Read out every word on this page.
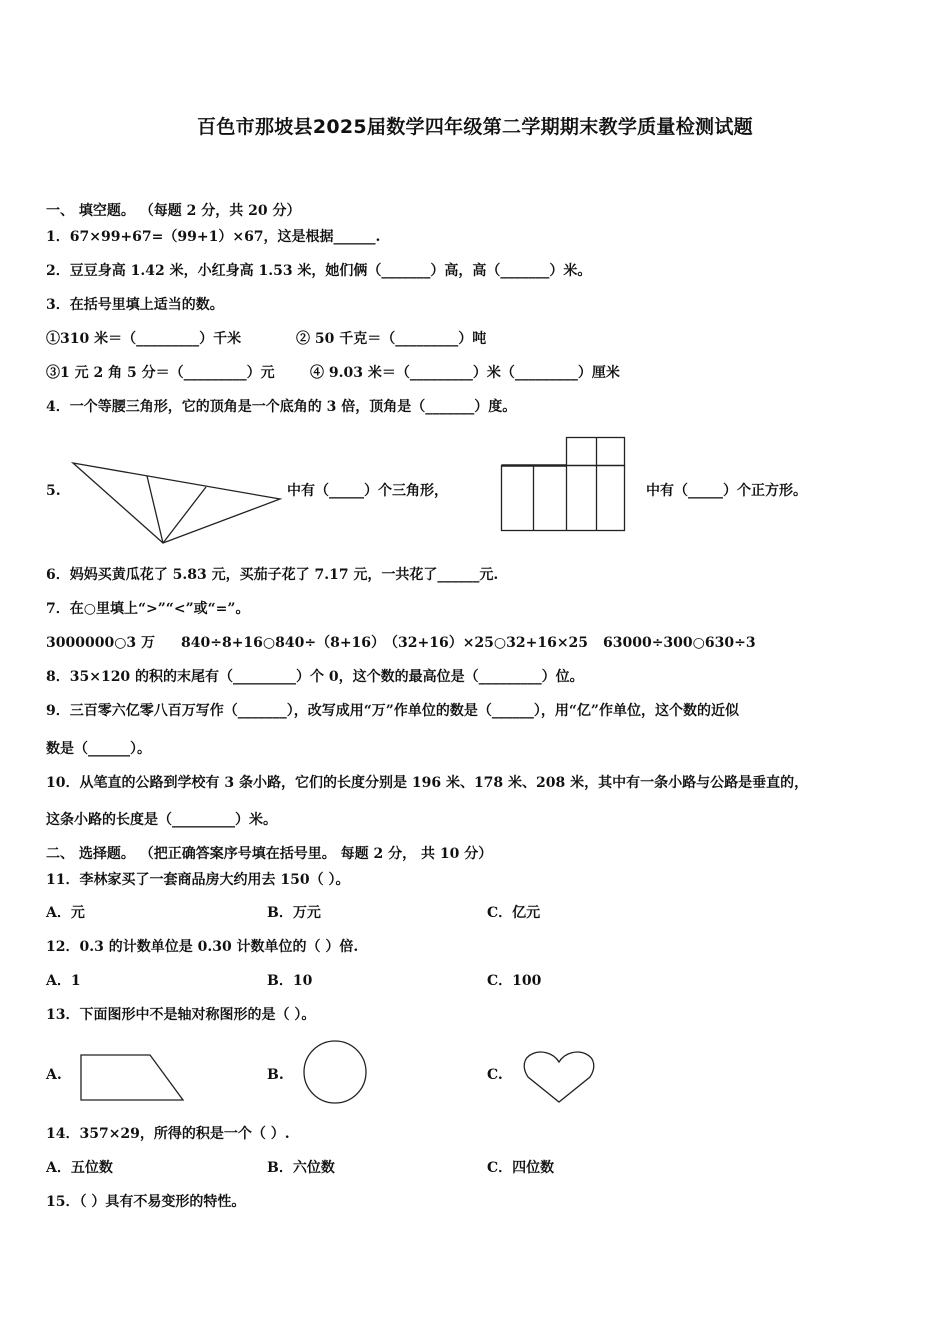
百色市那坡县2025届数学四年级第二学期期末教学质量检测试题
一、 填空题。 （每题 2 分，共 20 分）
1．67×99+67=（99+1）×67，这是根据______.
2．豆豆身高 1.42 米，小红身高 1.53 米，她们俩（_______）高，高（_______）米。
3．在括号里填上适当的数。
①310 米＝（_________）千米	② 50 千克＝（_________）吨
③1 元 2 角 5 分＝（_________）元	④ 9.03 米＝（_________）米（_________）厘米
4．一个等腰三角形，它的顶角是一个底角的 3 倍，顶角是（_______）度。
5.	中有（_____）个三角形，	中有（_____）个正方形。
6．妈妈买黄瓜花了 5.83 元，买茄子花了 7.17 元，一共花了______元.
7．在○里填上“>”“<”或“=”。
3000000○3 万 840÷8+16○840÷（8+16）
（32+16）×25○32+16×25 63000÷300○630÷3
8．35×120 的积的末尾有（_________）个 0，这个数的最高位是（_________）位。
9．三百零六亿零八百万写作（_______），改写成用“万”作单位的数是（______），用“亿”作单位，这个数的近似
数是（______）。
10．从笔直的公路到学校有 3 条小路，它们的长度分别是 196 米、178 米、208 米，其中有一条小路与公路是垂直的，
这条小路的长度是（_________）米。
二、 选择题。 （把正确答案序号填在括号里。 每题 2 分， 共 10 分）
11．李林家买了一套商品房大约用去 150（ ）。
A．元	B．万元	C．亿元
12．0.3 的计数单位是 0.30 计数单位的（ ）倍.
A．1	B．10	C．100
13．下面图形中不是轴对称图形的是（ ）。
A.	B.	C.
14．357×29，所得的积是一个（ ）.
A．五位数	B．六位数	C．四位数
15．（ ）具有不易变形的特性。
